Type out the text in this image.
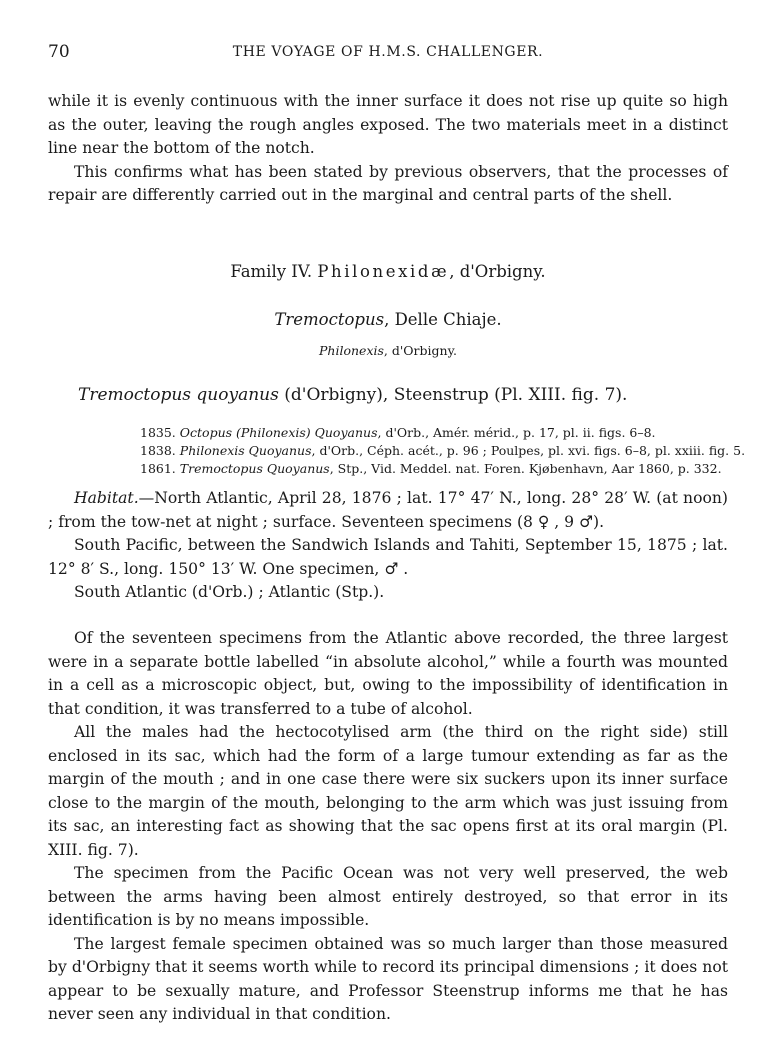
70	THE VOYAGE OF H.M.S. CHALLENGER.

while it is evenly continuous with the inner surface it does not rise up quite so high as the outer, leaving the rough angles exposed. The two materials meet in a distinct line near the bottom of the notch.

This confirms what has been stated by previous observers, that the processes of repair are differently carried out in the marginal and central parts of the shell.

Family IV. Philonexidæ, d'Orbigny.
Tremoctopus, Delle Chiaje.
Philonexis, d'Orbigny.
Tremoctopus quoyanus (d'Orbigny), Steenstrup (Pl. XIII. fig. 7).
1835. Octopus (Philonexis) Quoyanus, d'Orb., Amér. mérid., p. 17, pl. ii. figs. 6–8.
1838. Philonexis Quoyanus, d'Orb., Céph. acét., p. 96 ; Poulpes, pl. xvi. figs. 6–8, pl. xxiii. fig. 5.
1861. Tremoctopus Quoyanus, Stp., Vid. Meddel. nat. Foren. Kjøbenhavn, Aar 1860, p. 332.

Habitat.—North Atlantic, April 28, 1876 ; lat. 17° 47′ N., long. 28° 28′ W. (at noon) ; from the tow-net at night ; surface. Seventeen specimens (8 ♀ , 9 ♂).

South Pacific, between the Sandwich Islands and Tahiti, September 15, 1875 ; lat. 12° 8′ S., long. 150° 13′ W. One specimen, ♂ .

South Atlantic (d'Orb.) ; Atlantic (Stp.).

Of the seventeen specimens from the Atlantic above recorded, the three largest were in a separate bottle labelled “in absolute alcohol,” while a fourth was mounted in a cell as a microscopic object, but, owing to the impossibility of identification in that condition, it was transferred to a tube of alcohol.

All the males had the hectocotylised arm (the third on the right side) still enclosed in its sac, which had the form of a large tumour extending as far as the margin of the mouth ; and in one case there were six suckers upon its inner surface close to the margin of the mouth, belonging to the arm which was just issuing from its sac, an interesting fact as showing that the sac opens first at its oral margin (Pl. XIII. fig. 7).

The specimen from the Pacific Ocean was not very well preserved, the web between the arms having been almost entirely destroyed, so that error in its identification is by no means impossible.

The largest female specimen obtained was so much larger than those measured by d'Orbigny that it seems worth while to record its principal dimensions ; it does not appear to be sexually mature, and Professor Steenstrup informs me that he has never seen any individual in that condition.
